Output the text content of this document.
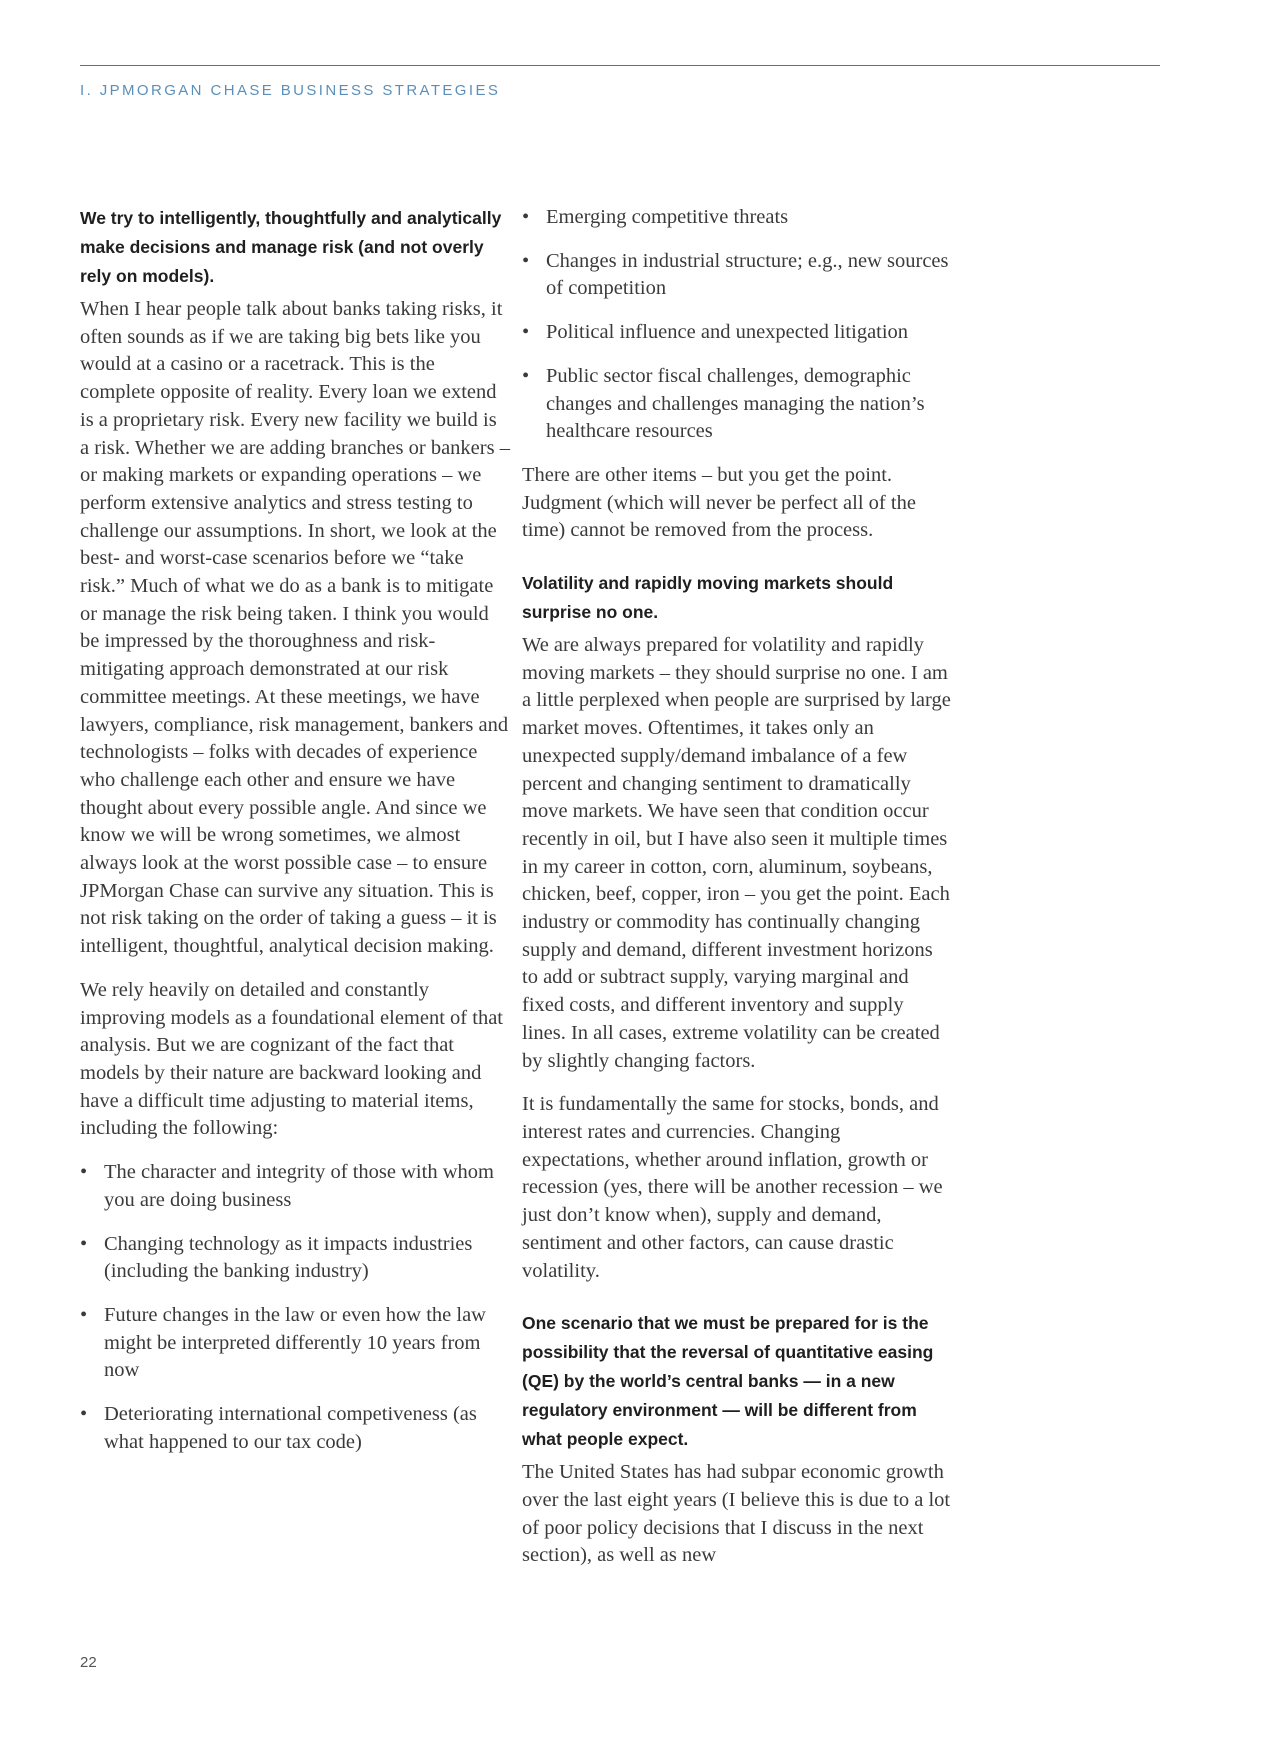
I. JPMORGAN CHASE BUSINESS STRATEGIES
We try to intelligently, thoughtfully and analytically make decisions and manage risk (and not overly rely on models).

When I hear people talk about banks taking risks, it often sounds as if we are taking big bets like you would at a casino or a racetrack. This is the complete opposite of reality. Every loan we extend is a proprietary risk. Every new facility we build is a risk. Whether we are adding branches or bankers – or making markets or expanding operations – we perform extensive analytics and stress testing to challenge our assumptions. In short, we look at the best- and worst-case scenarios before we “take risk.” Much of what we do as a bank is to mitigate or manage the risk being taken. I think you would be impressed by the thoroughness and risk-mitigating approach demonstrated at our risk committee meetings. At these meetings, we have lawyers, compliance, risk management, bankers and technologists – folks with decades of experience who challenge each other and ensure we have thought about every possible angle. And since we know we will be wrong sometimes, we almost always look at the worst possible case – to ensure JPMorgan Chase can survive any situation. This is not risk taking on the order of taking a guess – it is intelligent, thoughtful, analytical decision making.

We rely heavily on detailed and constantly improving models as a foundational element of that analysis. But we are cognizant of the fact that models by their nature are backward looking and have a difficult time adjusting to material items, including the following:

• The character and integrity of those with whom you are doing business
• Changing technology as it impacts industries (including the banking industry)
• Future changes in the law or even how the law might be interpreted differently 10 years from now
• Deteriorating international competiveness (as what happened to our tax code)
• Emerging competitive threats
• Changes in industrial structure; e.g., new sources of competition
• Political influence and unexpected litigation
• Public sector fiscal challenges, demographic changes and challenges managing the nation’s healthcare resources

There are other items – but you get the point. Judgment (which will never be perfect all of the time) cannot be removed from the process.

Volatility and rapidly moving markets should surprise no one.

We are always prepared for volatility and rapidly moving markets – they should surprise no one. I am a little perplexed when people are surprised by large market moves. Oftentimes, it takes only an unexpected supply/demand imbalance of a few percent and changing sentiment to dramatically move markets. We have seen that condition occur recently in oil, but I have also seen it multiple times in my career in cotton, corn, aluminum, soybeans, chicken, beef, copper, iron – you get the point. Each industry or commodity has continually changing supply and demand, different investment horizons to add or subtract supply, varying marginal and fixed costs, and different inventory and supply lines. In all cases, extreme volatility can be created by slightly changing factors.

It is fundamentally the same for stocks, bonds, and interest rates and currencies. Changing expectations, whether around inflation, growth or recession (yes, there will be another recession – we just don’t know when), supply and demand, sentiment and other factors, can cause drastic volatility.

One scenario that we must be prepared for is the possibility that the reversal of quantitative easing (QE) by the world’s central banks — in a new regulatory environment — will be different from what people expect.

The United States has had subpar economic growth over the last eight years (I believe this is due to a lot of poor policy decisions that I discuss in the next section), as well as new

22
